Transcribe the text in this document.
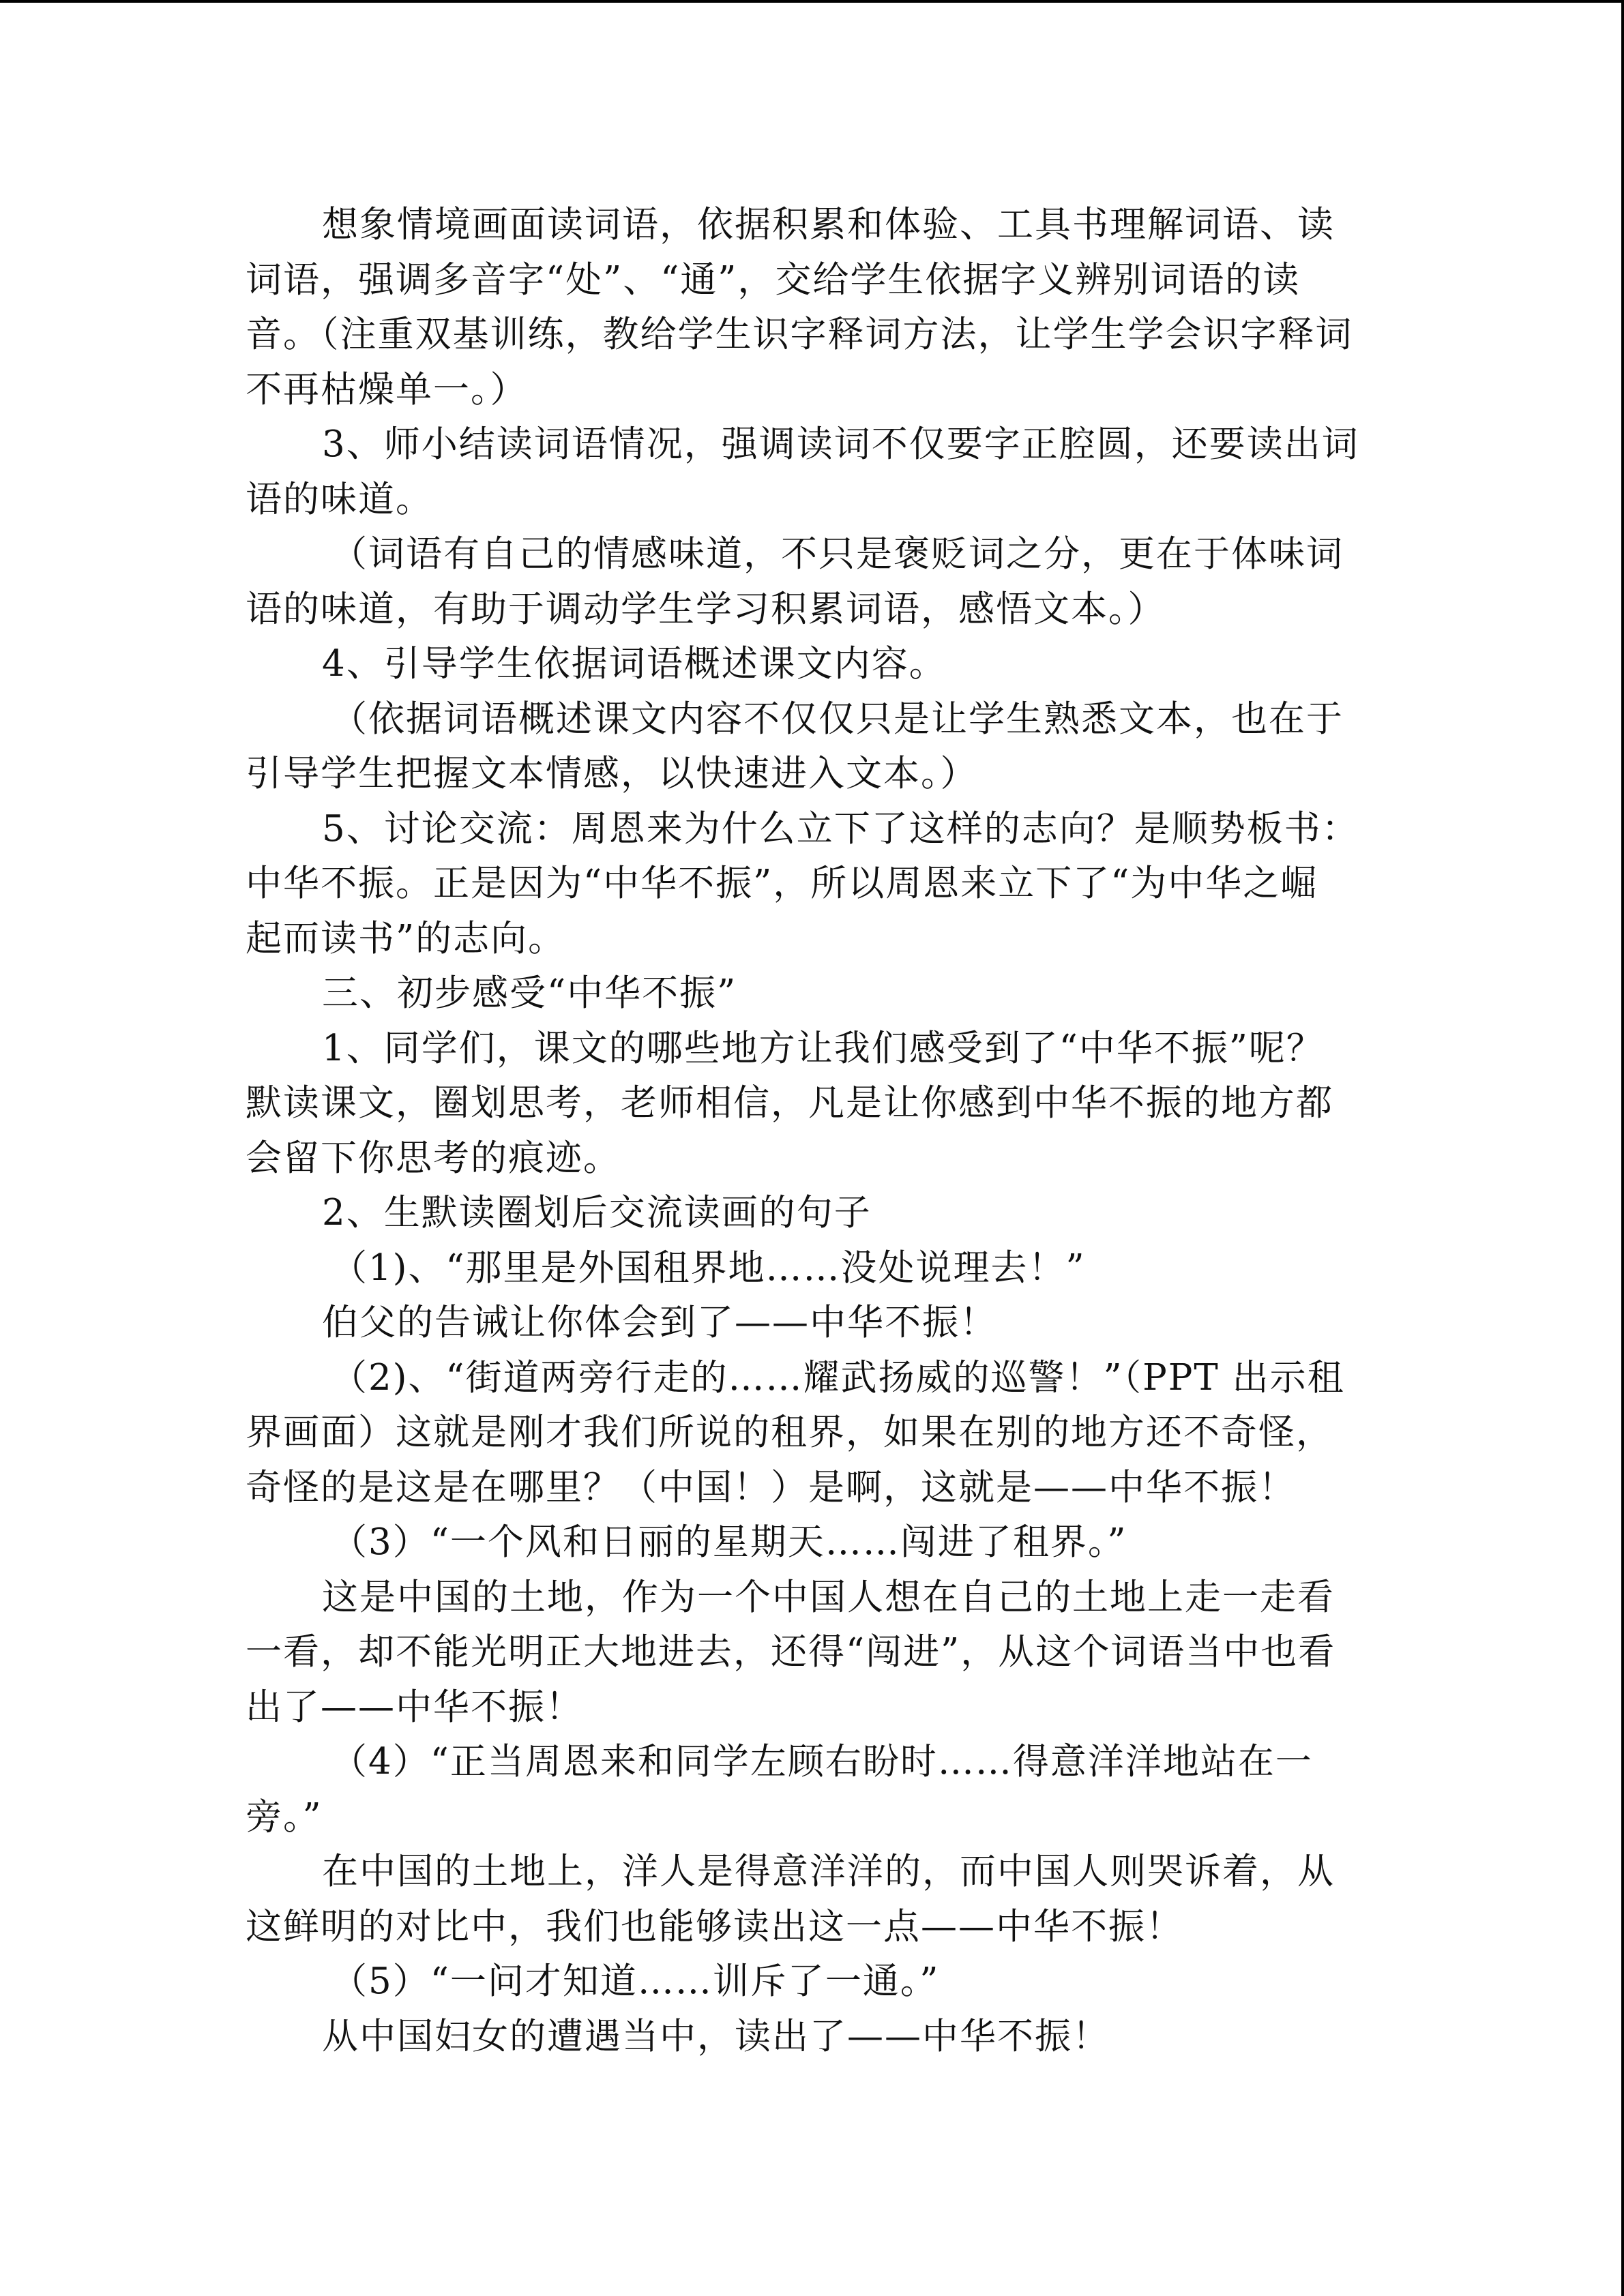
想象情境画面读词语，依据积累和体验、工具书理解词语、读
词语，强调多音字“处”、“通”，交给学生依据字义辨别词语的读
音。（注重双基训练，教给学生识字释词方法，让学生学会识字释词
不再枯燥单一。）
3、师小结读词语情况，强调读词不仅要字正腔圆，还要读出词
语的味道。
（词语有自己的情感味道，不只是褒贬词之分，更在于体味词
语的味道，有助于调动学生学习积累词语，感悟文本。）
4、引导学生依据词语概述课文内容。
（依据词语概述课文内容不仅仅只是让学生熟悉文本，也在于
引导学生把握文本情感，以快速进入文本。）
5、讨论交流：周恩来为什么立下了这样的志向？是顺势板书：
中华不振。正是因为“中华不振”，所以周恩来立下了“为中华之崛
起而读书”的志向。
三、初步感受“中华不振”
1、同学们，课文的哪些地方让我们感受到了“中华不振”呢？
默读课文，圈划思考，老师相信，凡是让你感到中华不振的地方都
会留下你思考的痕迹。
2、生默读圈划后交流读画的句子
（1)、“那里是外国租界地……没处说理去！”
伯父的告诫让你体会到了——中华不振！
（2)、“街道两旁行走的……耀武扬威的巡警！”（PPT 出示租
界画面）这就是刚才我们所说的租界，如果在别的地方还不奇怪，
奇怪的是这是在哪里？（中国！）是啊，这就是——中华不振！
（3）“一个风和日丽的星期天……闯进了租界。”
这是中国的土地，作为一个中国人想在自己的土地上走一走看
一看，却不能光明正大地进去，还得“闯进”，从这个词语当中也看
出了——中华不振！
（4）“正当周恩来和同学左顾右盼时……得意洋洋地站在一
旁。”
在中国的土地上，洋人是得意洋洋的，而中国人则哭诉着，从
这鲜明的对比中，我们也能够读出这一点——中华不振！
（5）“一问才知道……训斥了一通。”
从中国妇女的遭遇当中，读出了——中华不振！
